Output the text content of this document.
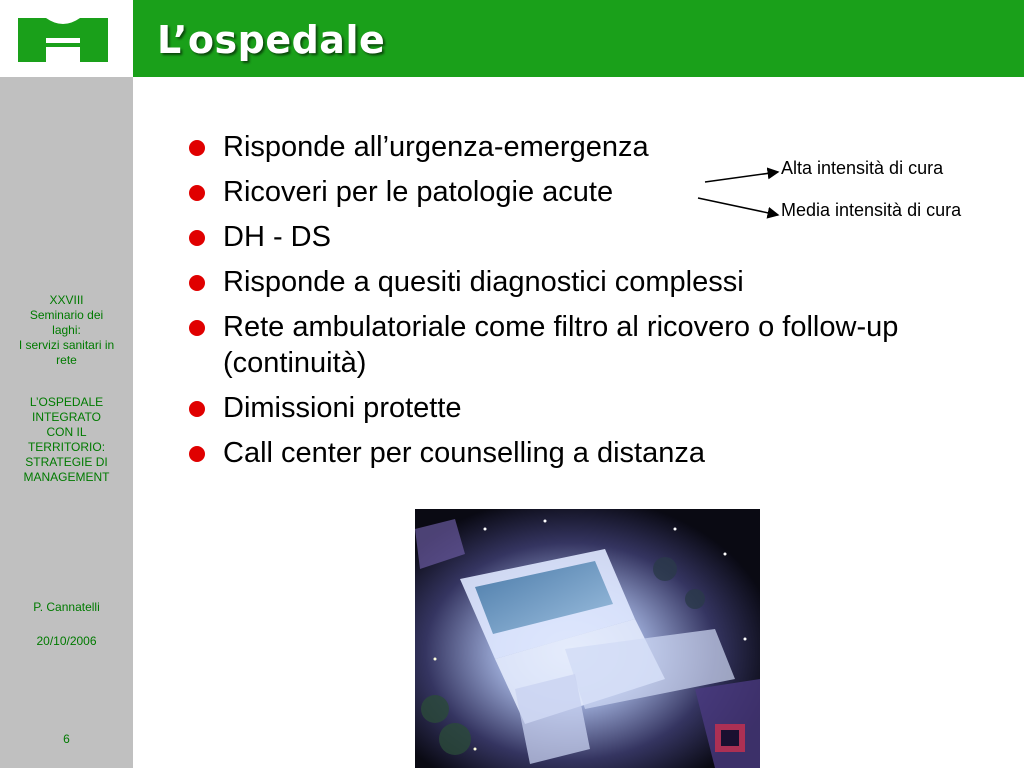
L’ospedale
XXVIII
Seminario dei
laghi:
I servizi sanitari in
rete
L’OSPEDALE
INTEGRATO
CON IL
TERRITORIO:
STRATEGIE DI
MANAGEMENT
P. Cannatelli
20/10/2006
6
Risponde all’urgenza-emergenza
Ricoveri per le patologie acute
DH - DS
Risponde a quesiti diagnostici complessi
Rete ambulatoriale come filtro al ricovero o follow-up (continuità)
Dimissioni protette
Call center per counselling a distanza
Alta intensità di cura
Media intensità di cura
